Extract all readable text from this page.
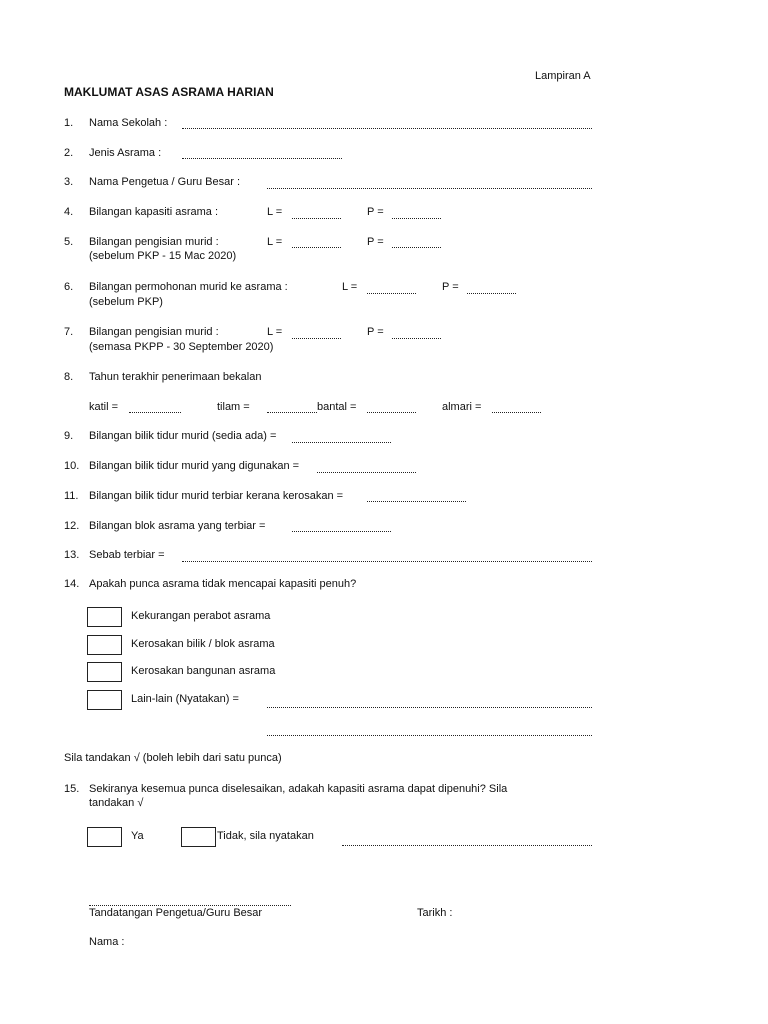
Lampiran A
MAKLUMAT ASAS ASRAMA HARIAN
1. Nama Sekolah :
2. Jenis Asrama :
3. Nama Pengetua / Guru Besar :
4. Bilangan kapasiti asrama :	L =	P =
5. Bilangan pengisian murid :
(sebelum PKP - 15 Mac 2020)
L =	P =
6. Bilangan permohonan murid ke asrama :
(sebelum PKP)
L =	P =
7. Bilangan pengisian murid :
(semasa PKPP - 30 September 2020)
L =	P =
8. Tahun terakhir penerimaan bekalan
katil =	tilam =	bantal =	almari =
9. Bilangan bilik tidur murid (sedia ada) =
10. Bilangan bilik tidur murid yang digunakan =
11. Bilangan bilik tidur murid terbiar kerana kerosakan =
12. Bilangan blok asrama yang terbiar =
13. Sebab terbiar =
14. Apakah punca asrama tidak mencapai kapasiti penuh?
Kekurangan perabot asrama
Kerosakan bilik / blok asrama
Kerosakan bangunan asrama
Lain-lain (Nyatakan) =
Sila tandakan √ (boleh lebih dari satu punca)
15. Sekiranya kesemua punca diselesaikan, adakah kapasiti asrama dapat dipenuhi? Sila
tandakan √
Ya	Tidak, sila nyatakan
Tandatangan Pengetua/Guru Besar	Tarikh :
Nama :
